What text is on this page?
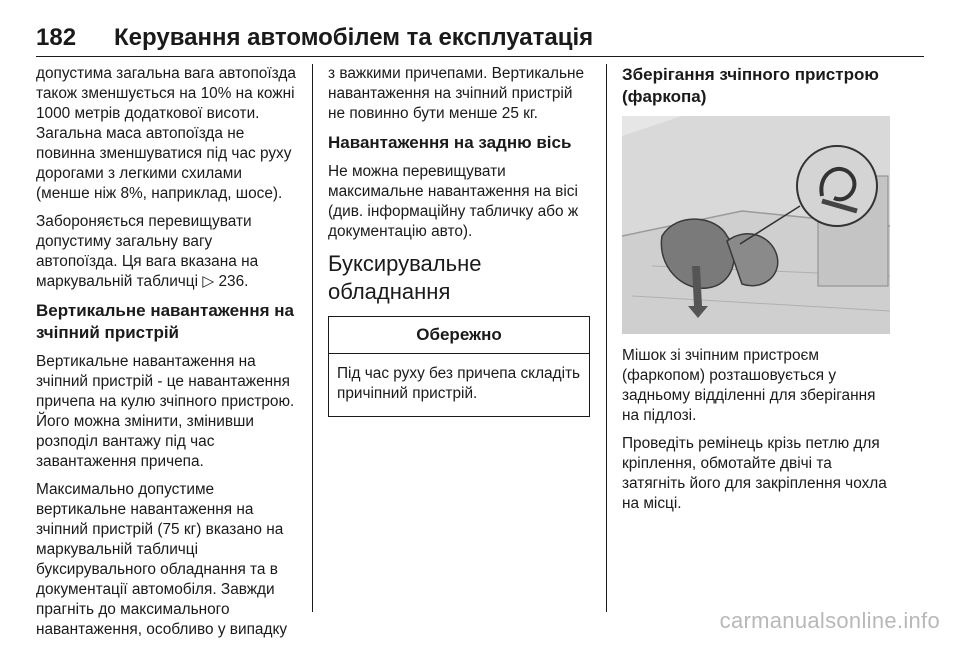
182 Керування автомобілем та експлуатація

допустима загальна вага автопоїзда також зменшується на 10% на кожні 1000 метрів додаткової висоти. Загальна маса автопоїзда не повинна зменшуватися під час руху дорогами з легкими схилами (менше ніж 8%, наприклад, шосе).

Забороняється перевищувати допустиму загальну вагу автопоїзда. Ця вага вказана на маркувальній табличці ▷ 236.

Вертикальне навантаження на зчіпний пристрій

Вертикальне навантаження на зчіпний пристрій - це навантаження причепа на кулю зчіпного пристрою. Його можна змінити, змінивши розподіл вантажу під час завантаження причепа.

Максимально допустиме вертикальне навантаження на зчіпний пристрій (75 кг) вказано на маркувальній табличці буксирувального обладнання та в документації автомобіля. Завжди прагніть до максимального навантаження, особливо у випадку

з важкими причепами. Вертикальне навантаження на зчіпний пристрій не повинно бути менше 25 кг.

Навантаження на задню вісь

Не можна перевищувати максимальне навантаження на вісі (див. інформаційну табличку або ж документацію авто).

Буксирувальне обладнання
Обережно
Під час руху без причепа складіть причіпний пристрій.
Зберігання зчіпного пристрою (фаркопа)

Мішок зі зчіпним пристроєм (фаркопом) розташовується у задньому відділенні для зберігання на підлозі.

Проведіть ремінець крізь петлю для кріплення, обмотайте двічі та затягніть його для закріплення чохла на місці.

carmanualsonline.info
